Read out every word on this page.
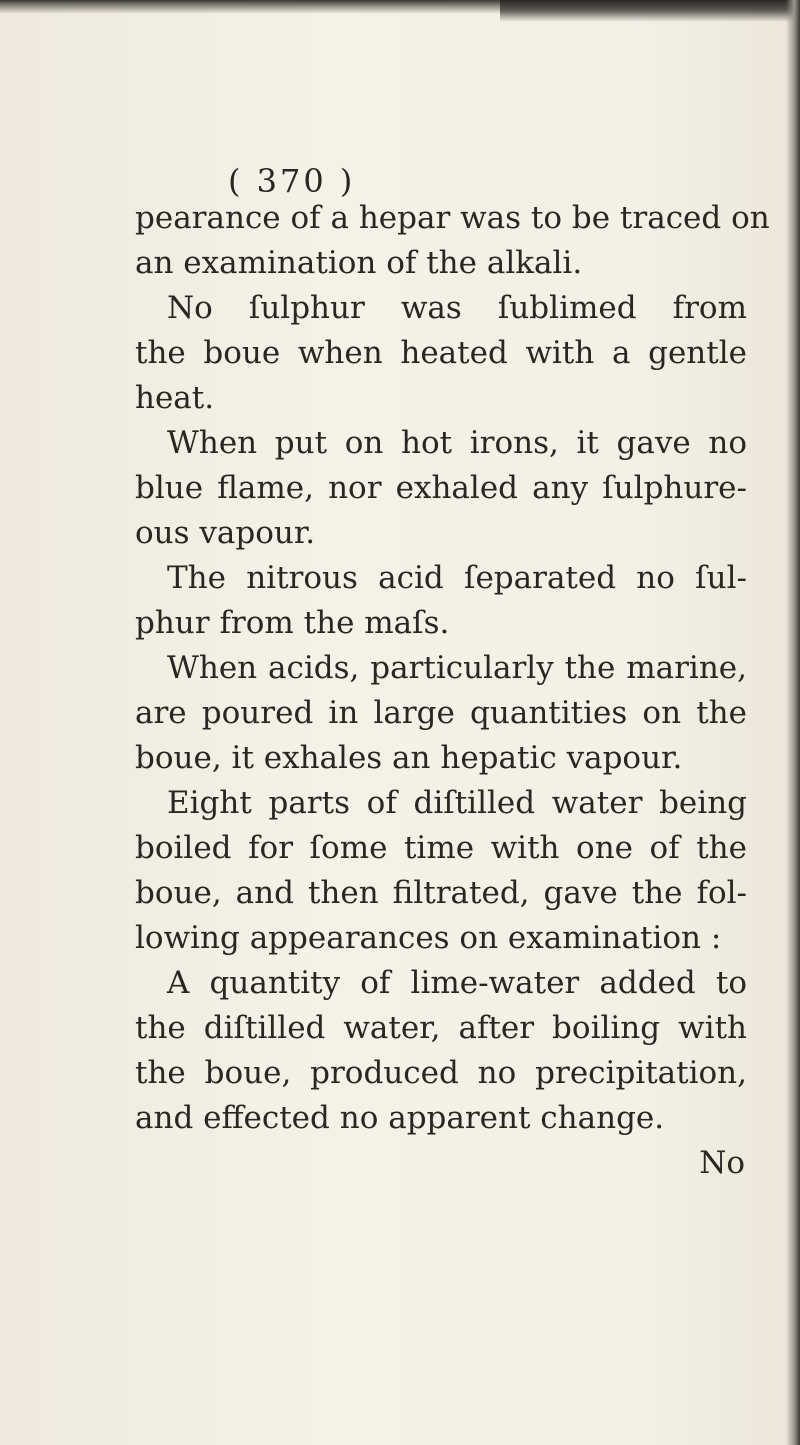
( 370 )
pearance of a hepar was to be traced on
an examination of the alkali.
No ſulphur was ſublimed from
the boue when heated with a gentle
heat.
When put on hot irons, it gave no
blue flame, nor exhaled any ſulphure-
ous vapour.
The nitrous acid ſeparated no ſul-
phur from the maſs.
When acids, particularly the marine,
are poured in large quantities on the
boue, it exhales an hepatic vapour.
Eight parts of diſtilled water being
boiled for ſome time with one of the
boue, and then filtrated, gave the fol-
lowing appearances on examination :
A quantity of lime-water added to
the diſtilled water, after boiling with
the boue, produced no precipitation,
and effected no apparent change.
No
